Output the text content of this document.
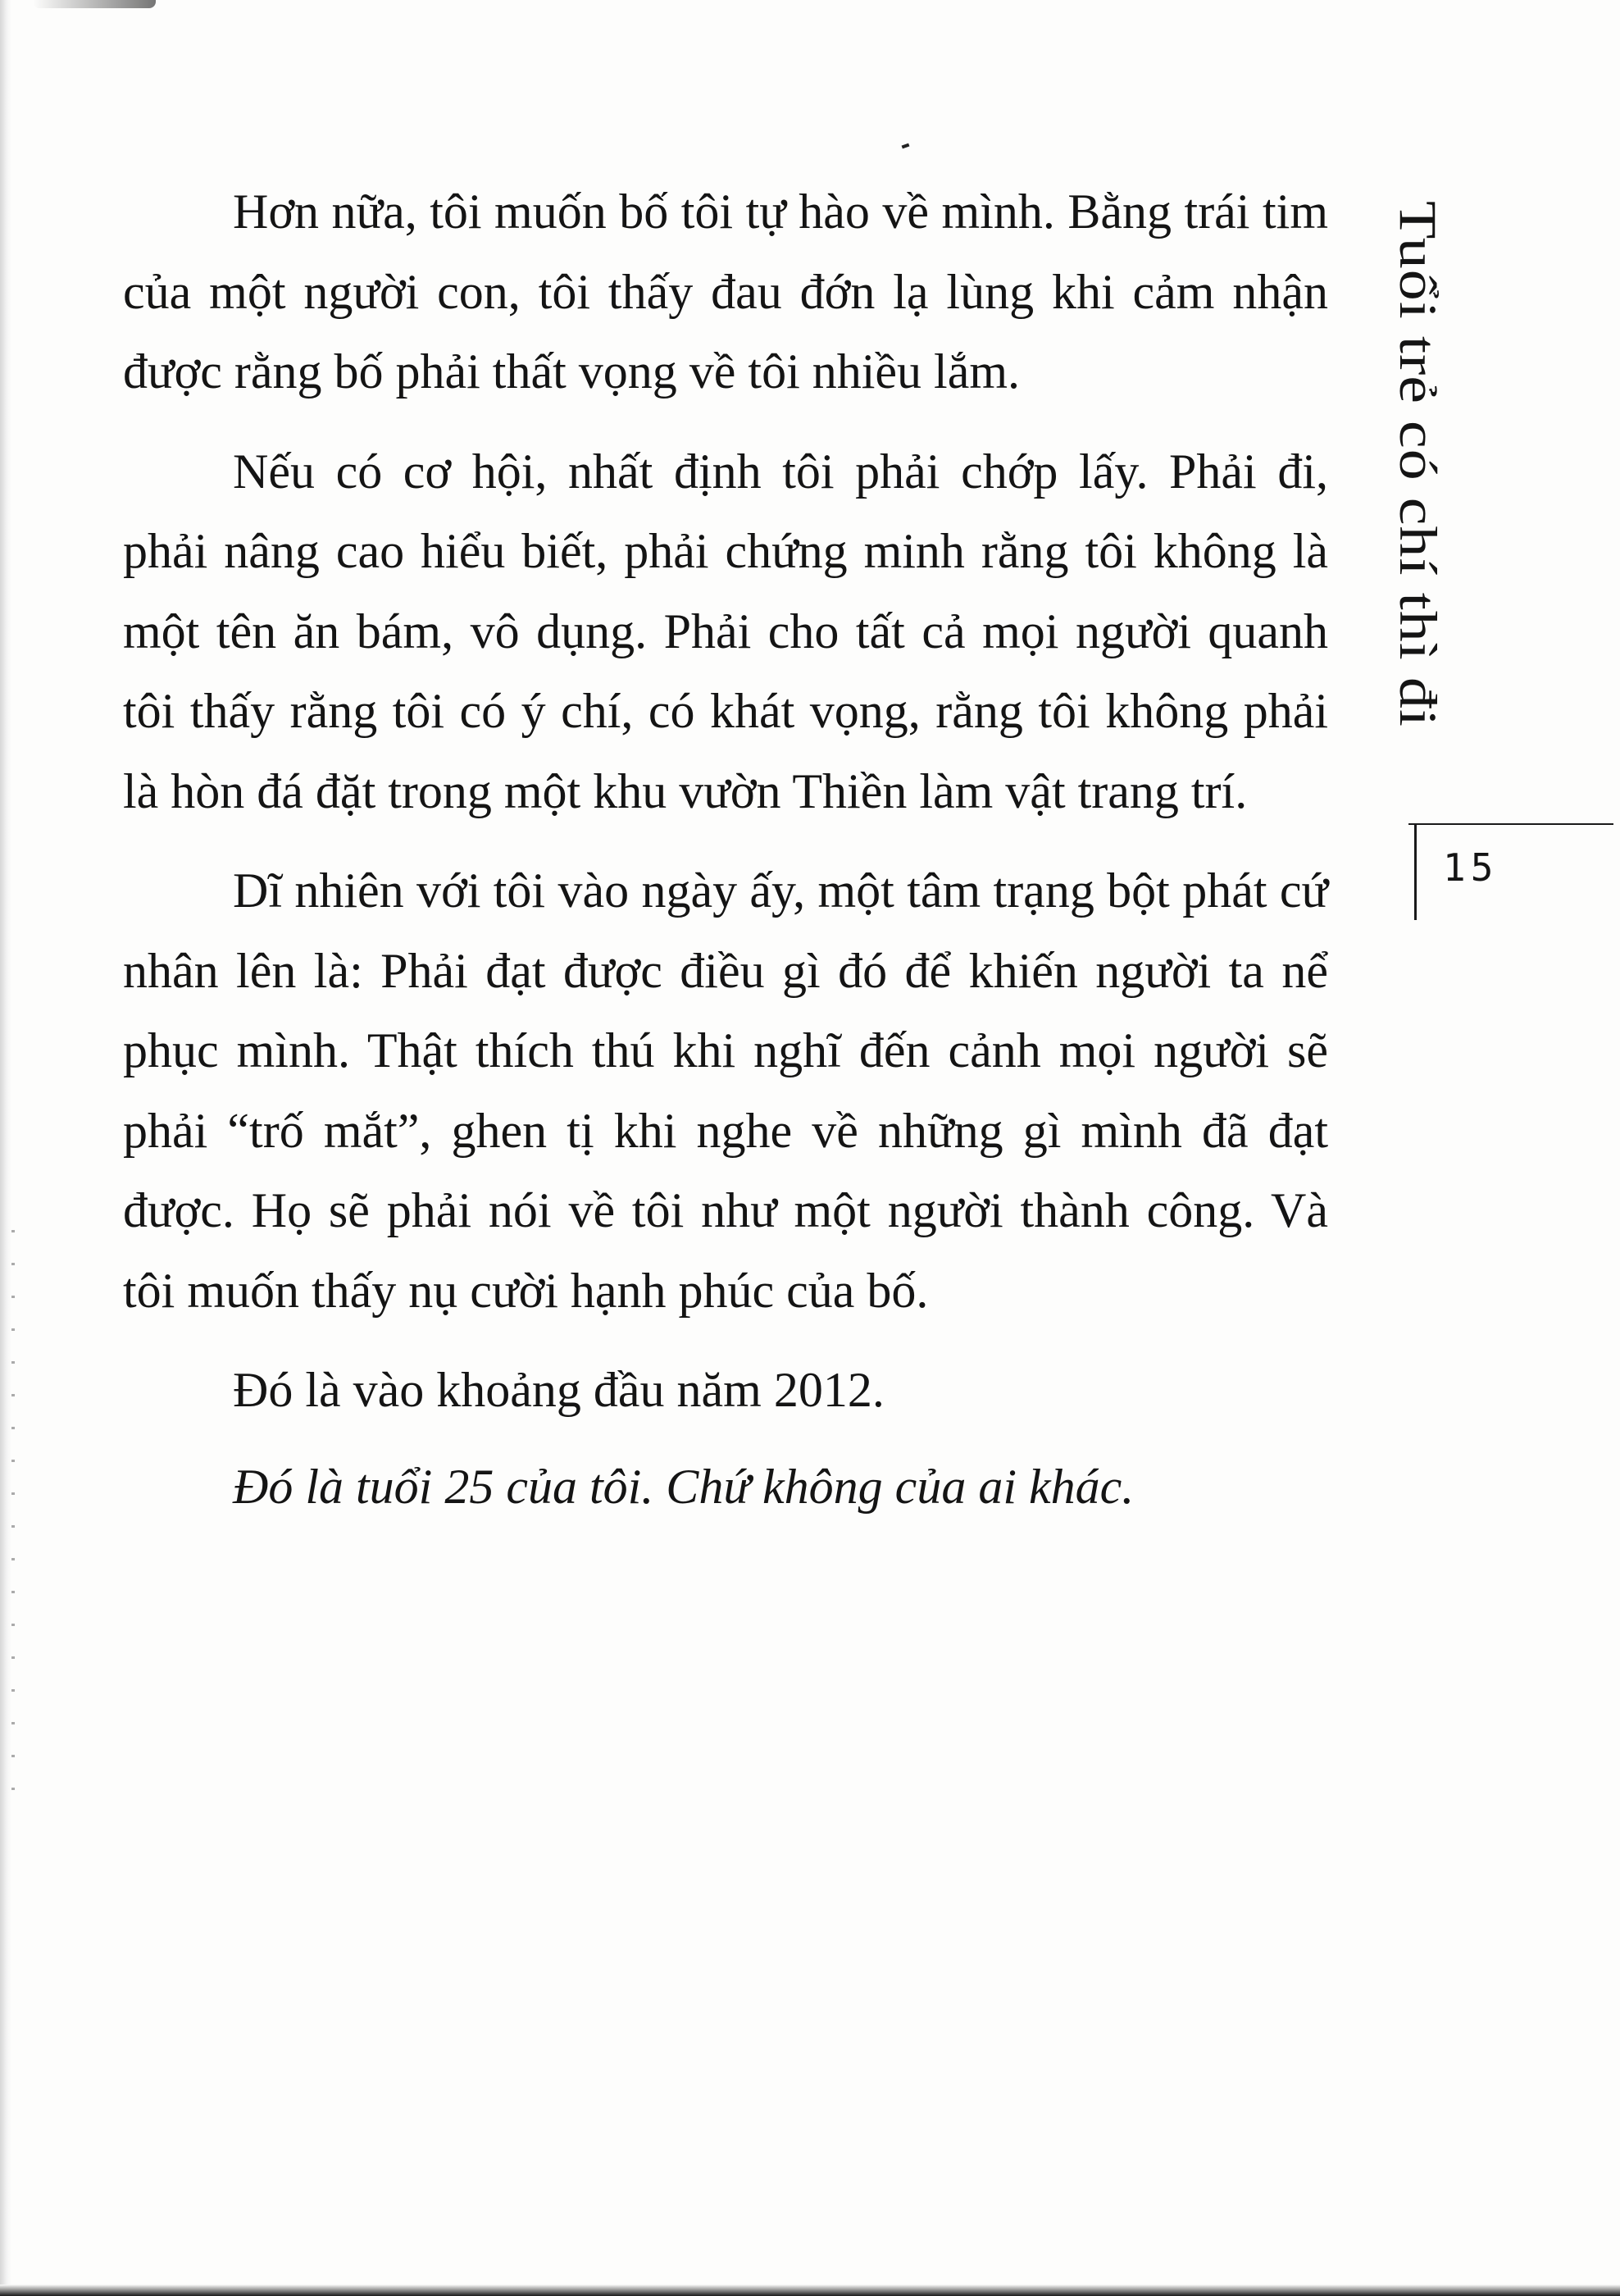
Hơn nữa, tôi muốn bố tôi tự hào về mình. Bằng trái tim của một người con, tôi thấy đau đớn lạ lùng khi cảm nhận được rằng bố phải thất vọng về tôi nhiều lắm.

Nếu có cơ hội, nhất định tôi phải chớp lấy. Phải đi, phải nâng cao hiểu biết, phải chứng minh rằng tôi không là một tên ăn bám, vô dụng. Phải cho tất cả mọi người quanh tôi thấy rằng tôi có ý chí, có khát vọng, rằng tôi không phải là hòn đá đặt trong một khu vườn Thiền làm vật trang trí.

Dĩ nhiên với tôi vào ngày ấy, một tâm trạng bột phát cứ nhân lên là: Phải đạt được điều gì đó để khiến người ta nể phục mình. Thật thích thú khi nghĩ đến cảnh mọi người sẽ phải “trố mắt”, ghen tị khi nghe về những gì mình đã đạt được. Họ sẽ phải nói về tôi như một người thành công. Và tôi muốn thấy nụ cười hạnh phúc của bố.

Đó là vào khoảng đầu năm 2012.

Đó là tuổi 25 của tôi. Chứ không của ai khác.

Tuổi trẻ có chí thì đi
15
